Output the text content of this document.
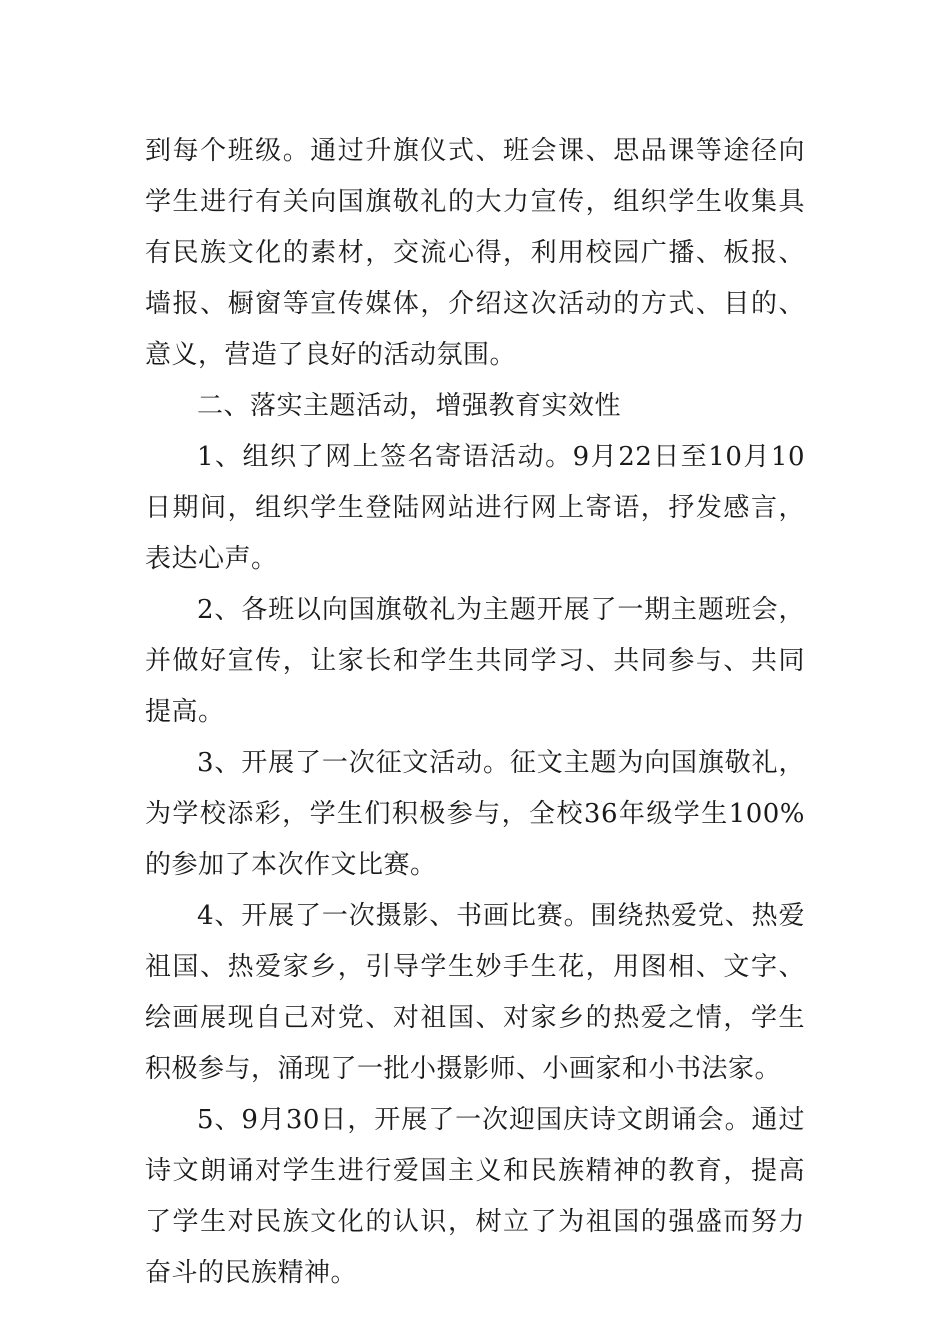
到每个班级。通过升旗仪式、班会课、思品课等途径向学生进行有关向国旗敬礼的大力宣传，组织学生收集具有民族文化的素材，交流心得，利用校园广播、板报、墙报、橱窗等宣传媒体，介绍这次活动的方式、目的、意义，营造了良好的活动氛围。

二、落实主题活动，增强教育实效性

1、组织了网上签名寄语活动。9月22日至10月10日期间，组织学生登陆网站进行网上寄语，抒发感言，表达心声。

2、各班以向国旗敬礼为主题开展了一期主题班会，并做好宣传，让家长和学生共同学习、共同参与、共同提高。

3、开展了一次征文活动。征文主题为向国旗敬礼，为学校添彩，学生们积极参与，全校36年级学生100%的参加了本次作文比赛。

4、开展了一次摄影、书画比赛。围绕热爱党、热爱祖国、热爱家乡，引导学生妙手生花，用图相、文字、绘画展现自己对党、对祖国、对家乡的热爱之情，学生积极参与，涌现了一批小摄影师、小画家和小书法家。

5、9月30日，开展了一次迎国庆诗文朗诵会。通过诗文朗诵对学生进行爱国主义和民族精神的教育，提高了学生对民族文化的认识，树立了为祖国的强盛而努力奋斗的民族精神。
